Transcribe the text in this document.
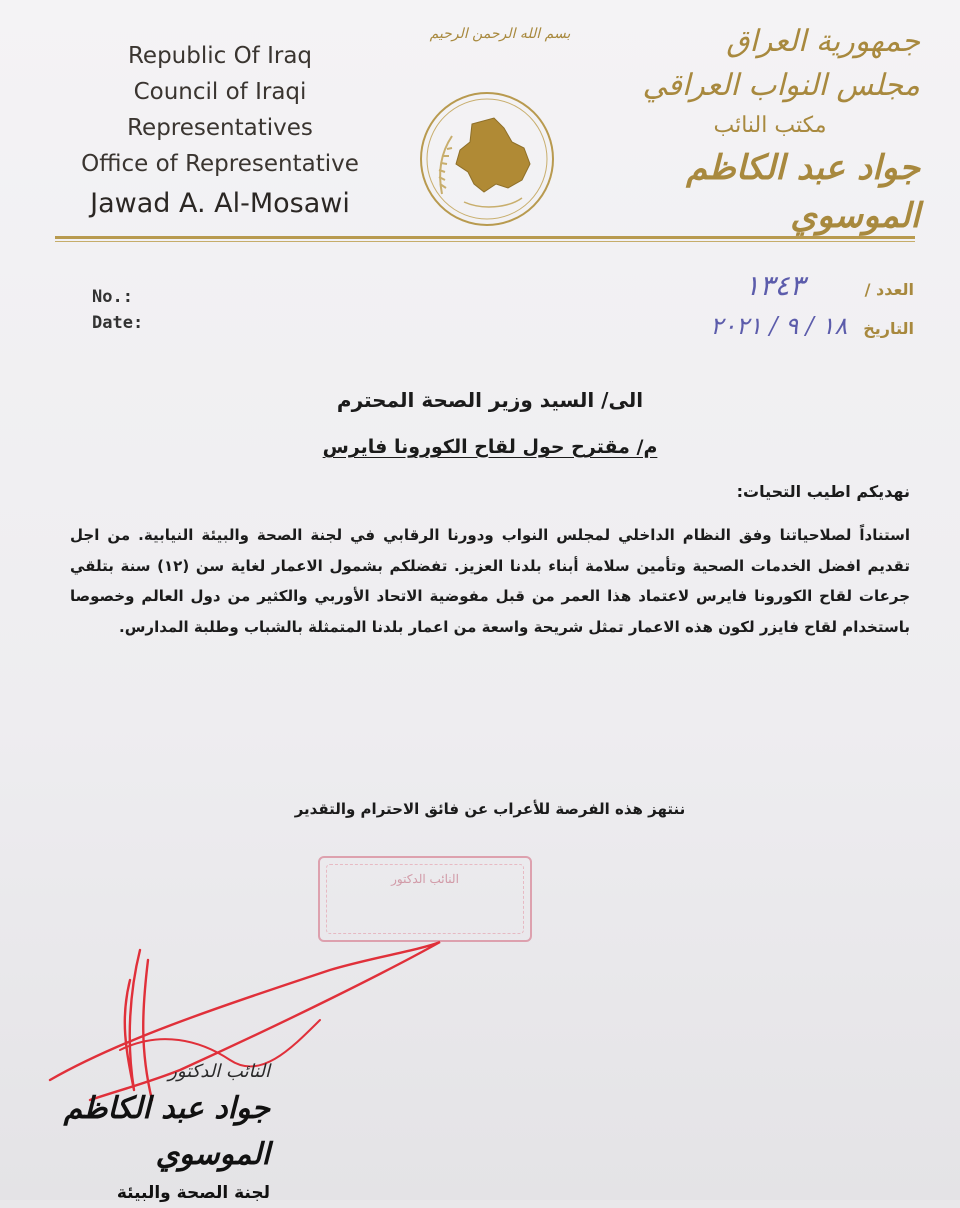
Republic Of Iraq
Council of Iraqi Representatives
Office of Representative
Jawad A. Al-Mosawi
بسم الله الرحمن الرحيم	جمهورية العراق
مجلس النواب العراقي
مكتب النائب
جواد عبد الكاظم الموسوي
No.:
Date:
العدد /
١٣٤٣
التاريخ
١٨ / ٩ / ٢٠٢١
الى/ السيد وزير الصحة المحترم
م/ مقترح حول لقاح الكورونا فايرس
نهديكم اطيب التحيات:
استناداً لصلاحياتنا وفق النظام الداخلي لمجلس النواب ودورنا الرقابي في لجنة الصحة والبيئة النيابية. من اجل تقديم افضل الخدمات الصحية وتأمين سلامة أبناء بلدنا العزيز. تفضلكم بشمول الاعمار لغاية سن (١٢) سنة بتلقي جرعات لقاح الكورونا فايرس لاعتماد هذا العمر من قبل مفوضية الاتحاد الأوربي والكثير من دول العالم وخصوصا باستخدام لقاح فايزر لكون هذه الاعمار تمثل شريحة واسعة من اعمار بلدنا المتمثلة بالشباب وطلبة المدارس.
ننتهز هذه الفرصة للأعراب عن فائق الاحترام والتقدير
النائب الدكتور
النائب الدكتور
جواد عبد الكاظم الموسوي
لجنة الصحة والبيئة
